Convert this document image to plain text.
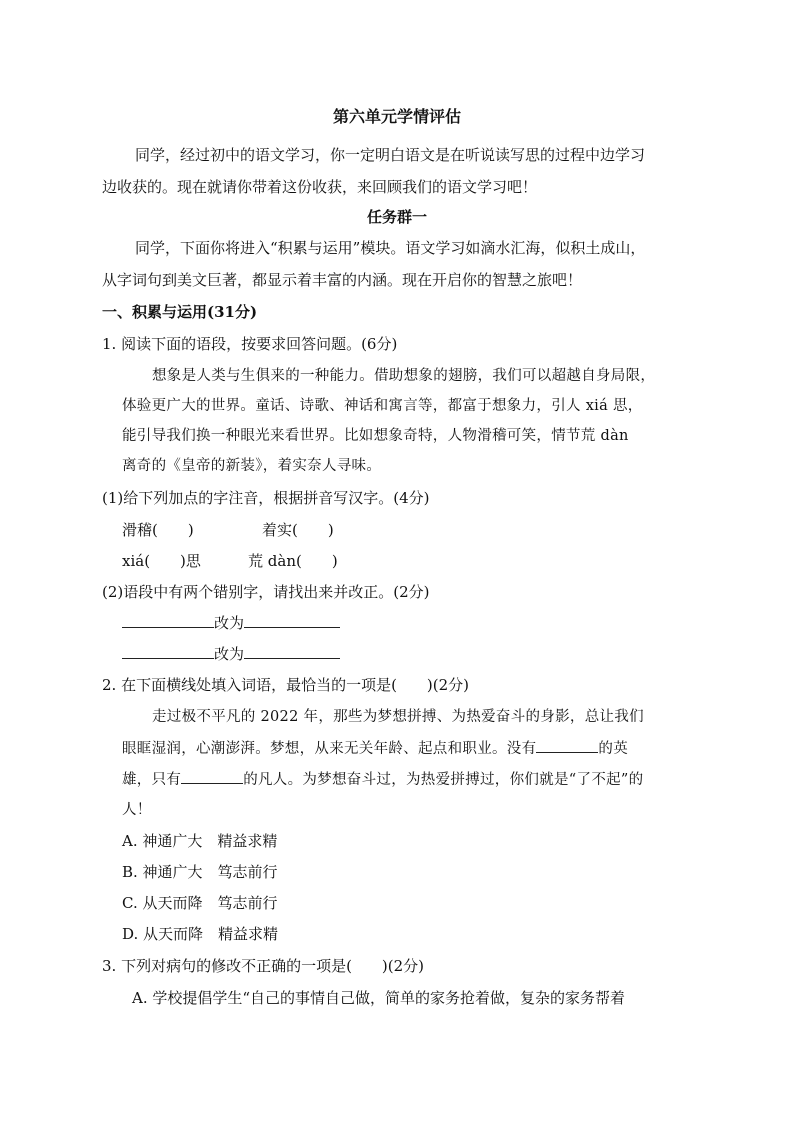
第六单元学情评估
同学，经过初中的语文学习，你一定明白语文是在听说读写思的过程中边学习
边收获的。现在就请你带着这份收获，来回顾我们的语文学习吧！
任务群一
同学，下面你将进入“积累与运用”模块。语文学习如滴水汇海，似积土成山，
从字词句到美文巨著，都显示着丰富的内涵。现在开启你的智慧之旅吧！
一、积累与运用(31分)
1. 阅读下面的语段，按要求回答问题。(6分)
想象是人类与生俱来的一种能力。借助想象的翅膀，我们可以超越自身局限，
体验更广大的世界。童话、诗歌、神话和寓言等，都富于想象力，引人 xiá 思，
能引导我们换一种眼光来看世界。比如想象奇特，人物滑稽可笑，情节荒 dàn
离奇的《皇帝的新装》，着实奈人寻味。
(1)给下列加点的字注音，根据拼音写汉字。(4分)
滑稽(　　)	着实(　　)
xiá(　　)思	荒 dàn(　　)
(2)语段中有两个错别字，请找出来并改正。(2分)
改为
改为
2. 在下面横线处填入词语，最恰当的一项是(　　)(2分)
走过极不平凡的 2022 年，那些为梦想拼搏、为热爱奋斗的身影，总让我们
眼眶湿润，心潮澎湃。梦想，从来无关年龄、起点和职业。没有	的英
雄，只有	的凡人。为梦想奋斗过，为热爱拼搏过，你们就是“了不起”的
人！
A. 神通广大　精益求精
B. 神通广大　笃志前行
C. 从天而降　笃志前行
D. 从天而降　精益求精
3. 下列对病句的修改不正确的一项是(　　)(2分)
A. 学校提倡学生“自己的事情自己做，简单的家务抢着做，复杂的家务帮着
